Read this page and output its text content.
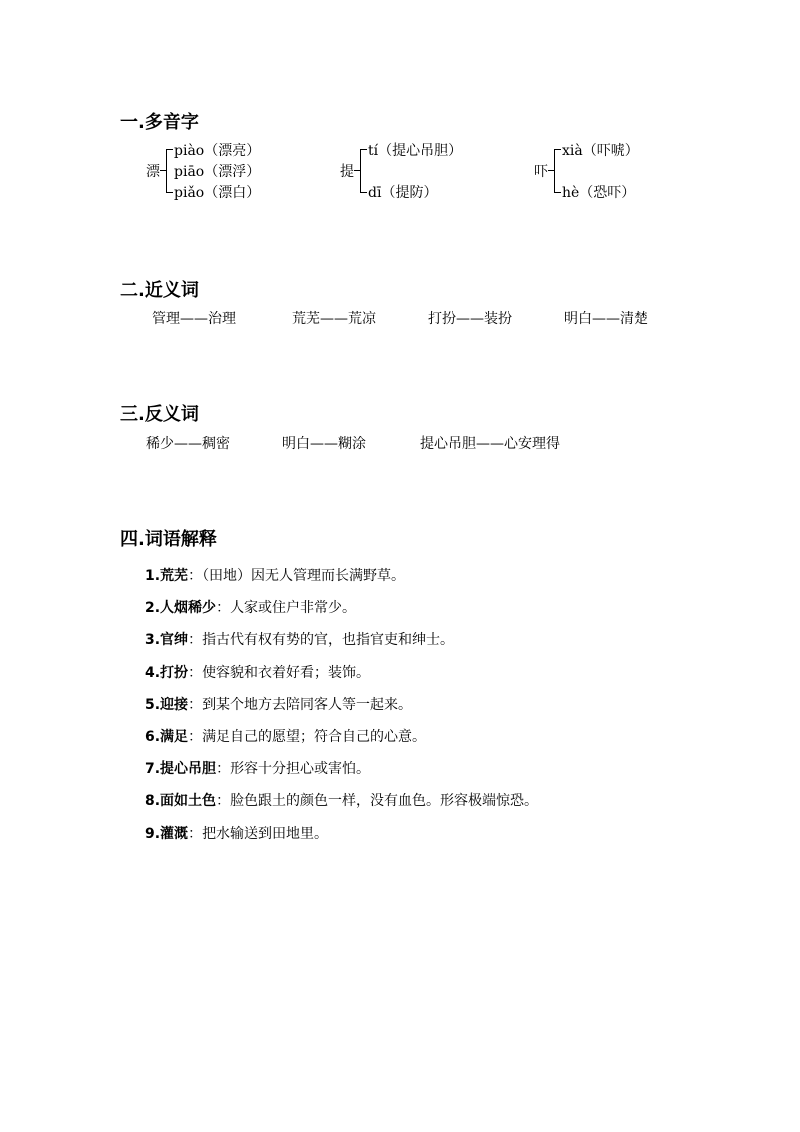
一.多音字
漂
piào（漂亮）
piāo（漂浮）
piǎo（漂白）
提
tí（提心吊胆）
dī（提防）
吓
xià（吓唬）
hè（恐吓）
二.近义词
管理——治理	荒芜——荒凉	打扮——装扮	明白——清楚
三.反义词
稀少——稠密	明白——糊涂	提心吊胆——心安理得
四.词语解释
1.荒芜：（田地）因无人管理而长满野草。
2.人烟稀少：人家或住户非常少。
3.官绅：指古代有权有势的官，也指官吏和绅士。
4.打扮：使容貌和衣着好看；装饰。
5.迎接：到某个地方去陪同客人等一起来。
6.满足：满足自己的愿望；符合自己的心意。
7.提心吊胆：形容十分担心或害怕。
8.面如土色：脸色跟土的颜色一样，没有血色。形容极端惊恐。
9.灌溉：把水输送到田地里。
